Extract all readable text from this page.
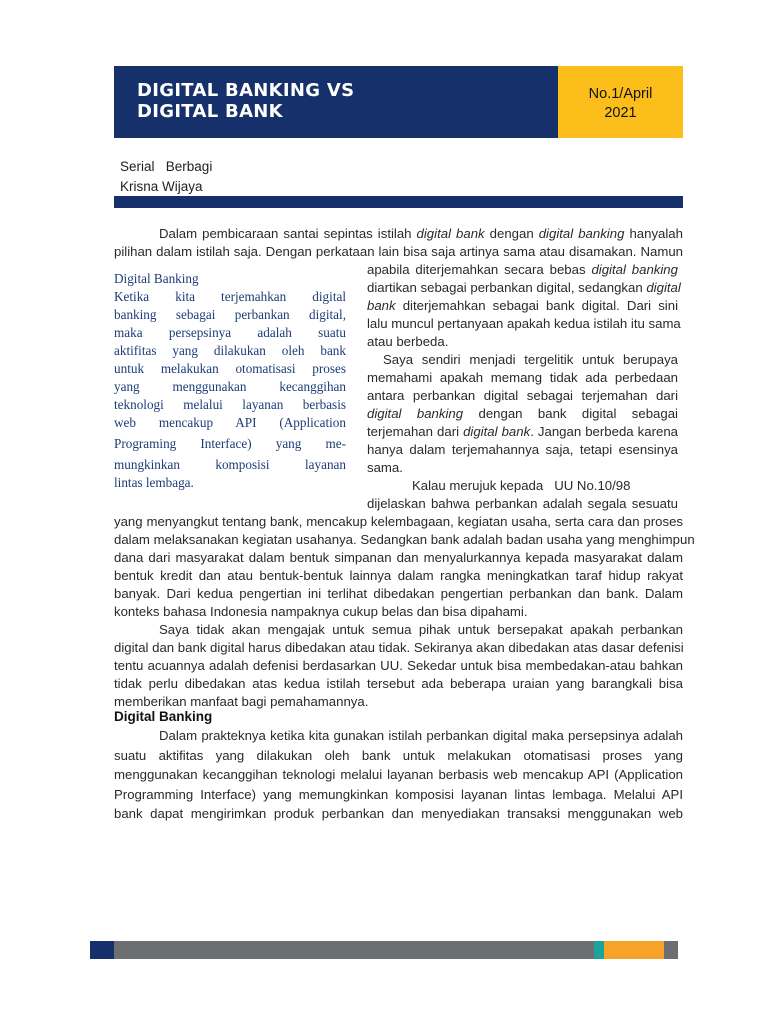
DIGITAL BANKING VS
DIGITAL BANK
No.1/April
2021
Serial Berbagi
Krisna Wijaya

Dalam pembicaraan santai sepintas istilah digital bank dengan digital banking hanyalah

pilihan dalam istilah saja. Dengan perkataan lain bisa saja artinya sama atau disamakan. Namun

Digital Banking

Ketika kita terjemahkan digital

banking sebagai perbankan digital,

maka persepsinya adalah suatu

aktifitas yang dilakukan oleh bank

untuk melakukan otomatisasi proses

yang menggunakan kecanggihan

teknologi melalui layanan berbasis

web mencakup API (Application

Programing Interface) yang me-

mungkinkan komposisi layanan

lintas lembaga.

apabila diterjemahkan secara bebas digital banking

diartikan sebagai perbankan digital, sedangkan digital

bank diterjemahkan sebagai bank digital. Dari sini

lalu muncul pertanyaan apakah kedua istilah itu sama

atau berbeda.

Saya sendiri menjadi tergelitik untuk berupaya

memahami apakah memang tidak ada perbedaan

antara perbankan digital sebagai terjemahan dari

digital banking dengan bank digital sebagai

terjemahan dari digital bank. Jangan berbeda karena

hanya dalam terjemahannya saja, tetapi esensinya

sama.

Kalau merujuk kepada   UU No.10/98

dijelaskan bahwa perbankan adalah segala sesuatu

yang menyangkut tentang bank, mencakup kelembagaan, kegiatan usaha, serta cara dan proses

dalam melaksanakan kegiatan usahanya. Sedangkan bank adalah badan usaha yang menghimpun

dana dari masyarakat dalam bentuk simpanan dan menyalurkannya kepada masyarakat dalam

bentuk kredit dan atau bentuk-bentuk lainnya dalam rangka meningkatkan taraf hidup rakyat

banyak. Dari kedua pengertian ini terlihat dibedakan pengertian perbankan dan bank. Dalam

konteks bahasa Indonesia nampaknya cukup belas dan bisa dipahami.

Saya tidak akan mengajak untuk semua pihak untuk bersepakat apakah perbankan

digital dan bank digital harus dibedakan atau tidak. Sekiranya akan dibedakan atas dasar defenisi

tentu acuannya adalah defenisi berdasarkan UU. Sekedar untuk bisa membedakan-atau bahkan

tidak perlu dibedakan atas kedua istilah tersebut ada beberapa uraian yang barangkali bisa

memberikan manfaat bagi pemahamannya.

Digital Banking

Dalam prakteknya ketika kita gunakan istilah perbankan digital maka persepsinya adalah

suatu aktifitas yang dilakukan oleh bank untuk melakukan otomatisasi proses yang

menggunakan kecanggihan teknologi melalui layanan berbasis web mencakup API (Application

Programming Interface) yang memungkinkan komposisi layanan lintas lembaga. Melalui API

bank dapat mengirimkan produk perbankan dan menyediakan transaksi menggunakan web
